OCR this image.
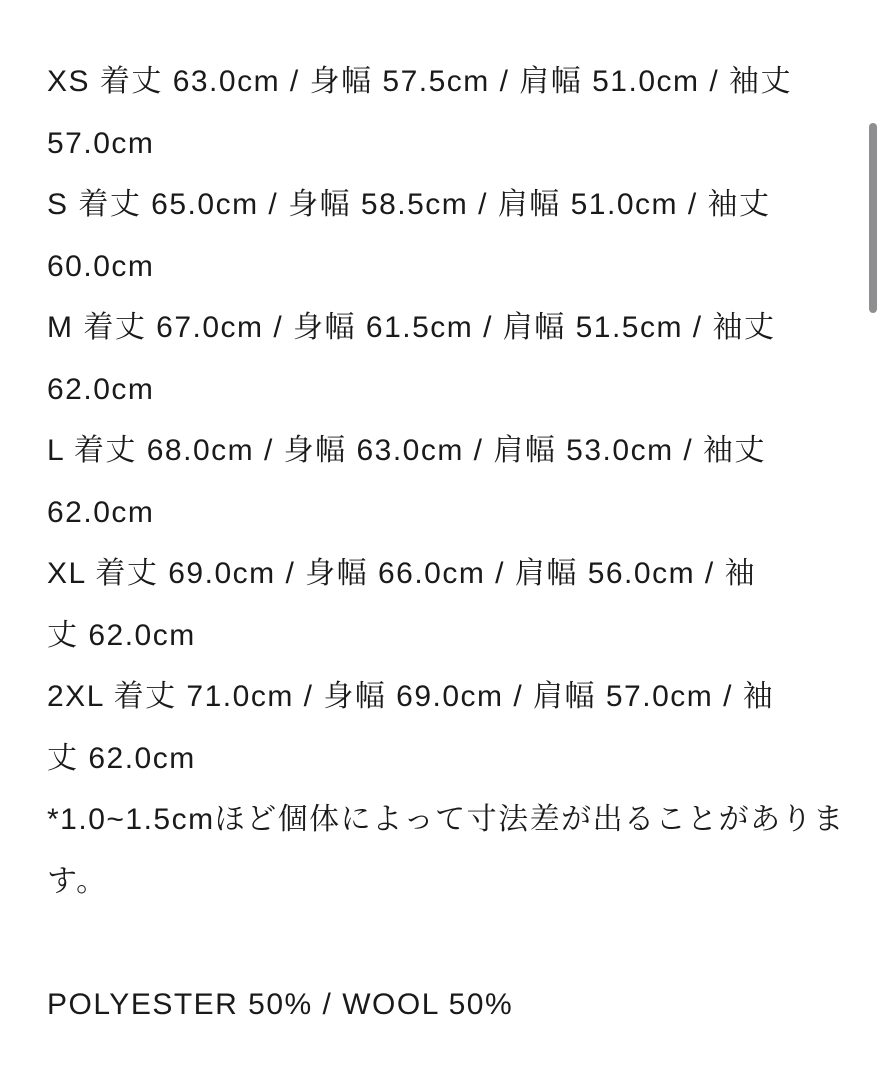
XS 着丈 63.0cm / 身幅 57.5cm / 肩幅 51.0cm / 袖丈
57.0cm

S 着丈 65.0cm / 身幅 58.5cm / 肩幅 51.0cm / 袖丈
60.0cm

M 着丈 67.0cm / 身幅 61.5cm / 肩幅 51.5cm / 袖丈
62.0cm

L 着丈 68.0cm / 身幅 63.0cm / 肩幅 53.0cm / 袖丈
62.0cm

XL 着丈 69.0cm / 身幅 66.0cm / 肩幅 56.0cm / 袖
丈 62.0cm

2XL 着丈 71.0cm / 身幅 69.0cm / 肩幅 57.0cm / 袖
丈 62.0cm

*1.0~1.5cmほど個体によって寸法差が出ることがありま
す。

POLYESTER 50% / WOOL 50%
